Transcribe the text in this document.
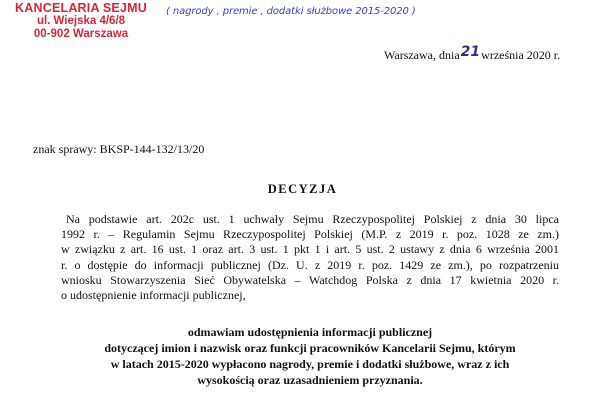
KANCELARIA SEJMU
ul. Wiejska 4/6/8
00-902 Warszawa
( nagrody , premie , dodatki służbowe 2015-2020 )
Warszawa, dnia21września 2020 r.
znak sprawy: BKSP-144-132/13/20
DECYZJA
Na podstawie art. 202c ust. 1 uchwały Sejmu Rzeczypospolitej Polskiej z dnia 30 lipca
1992 r. – Regulamin Sejmu Rzeczypospolitej Polskiej (M.P. z 2019 r. poz. 1028 ze zm.)
w związku z art. 16 ust. 1 oraz art. 3 ust. 1 pkt 1 i art. 5 ust. 2 ustawy z dnia 6 września 2001
r. o dostępie do informacji publicznej (Dz. U. z 2019 r. poz. 1429 ze zm.), po rozpatrzeniu
wniosku Stowarzyszenia Sieć Obywatelska – Watchdog Polska z dnia 17 kwietnia 2020 r.
o udostępnienie informacji publicznej,
odmawiam udostępnienia informacji publicznej
dotyczącej imion i nazwisk oraz funkcji pracowników Kancelarii Sejmu, którym
w latach 2015-2020 wypłacono nagrody, premie i dodatki służbowe, wraz z ich
wysokością oraz uzasadnieniem przyznania.
